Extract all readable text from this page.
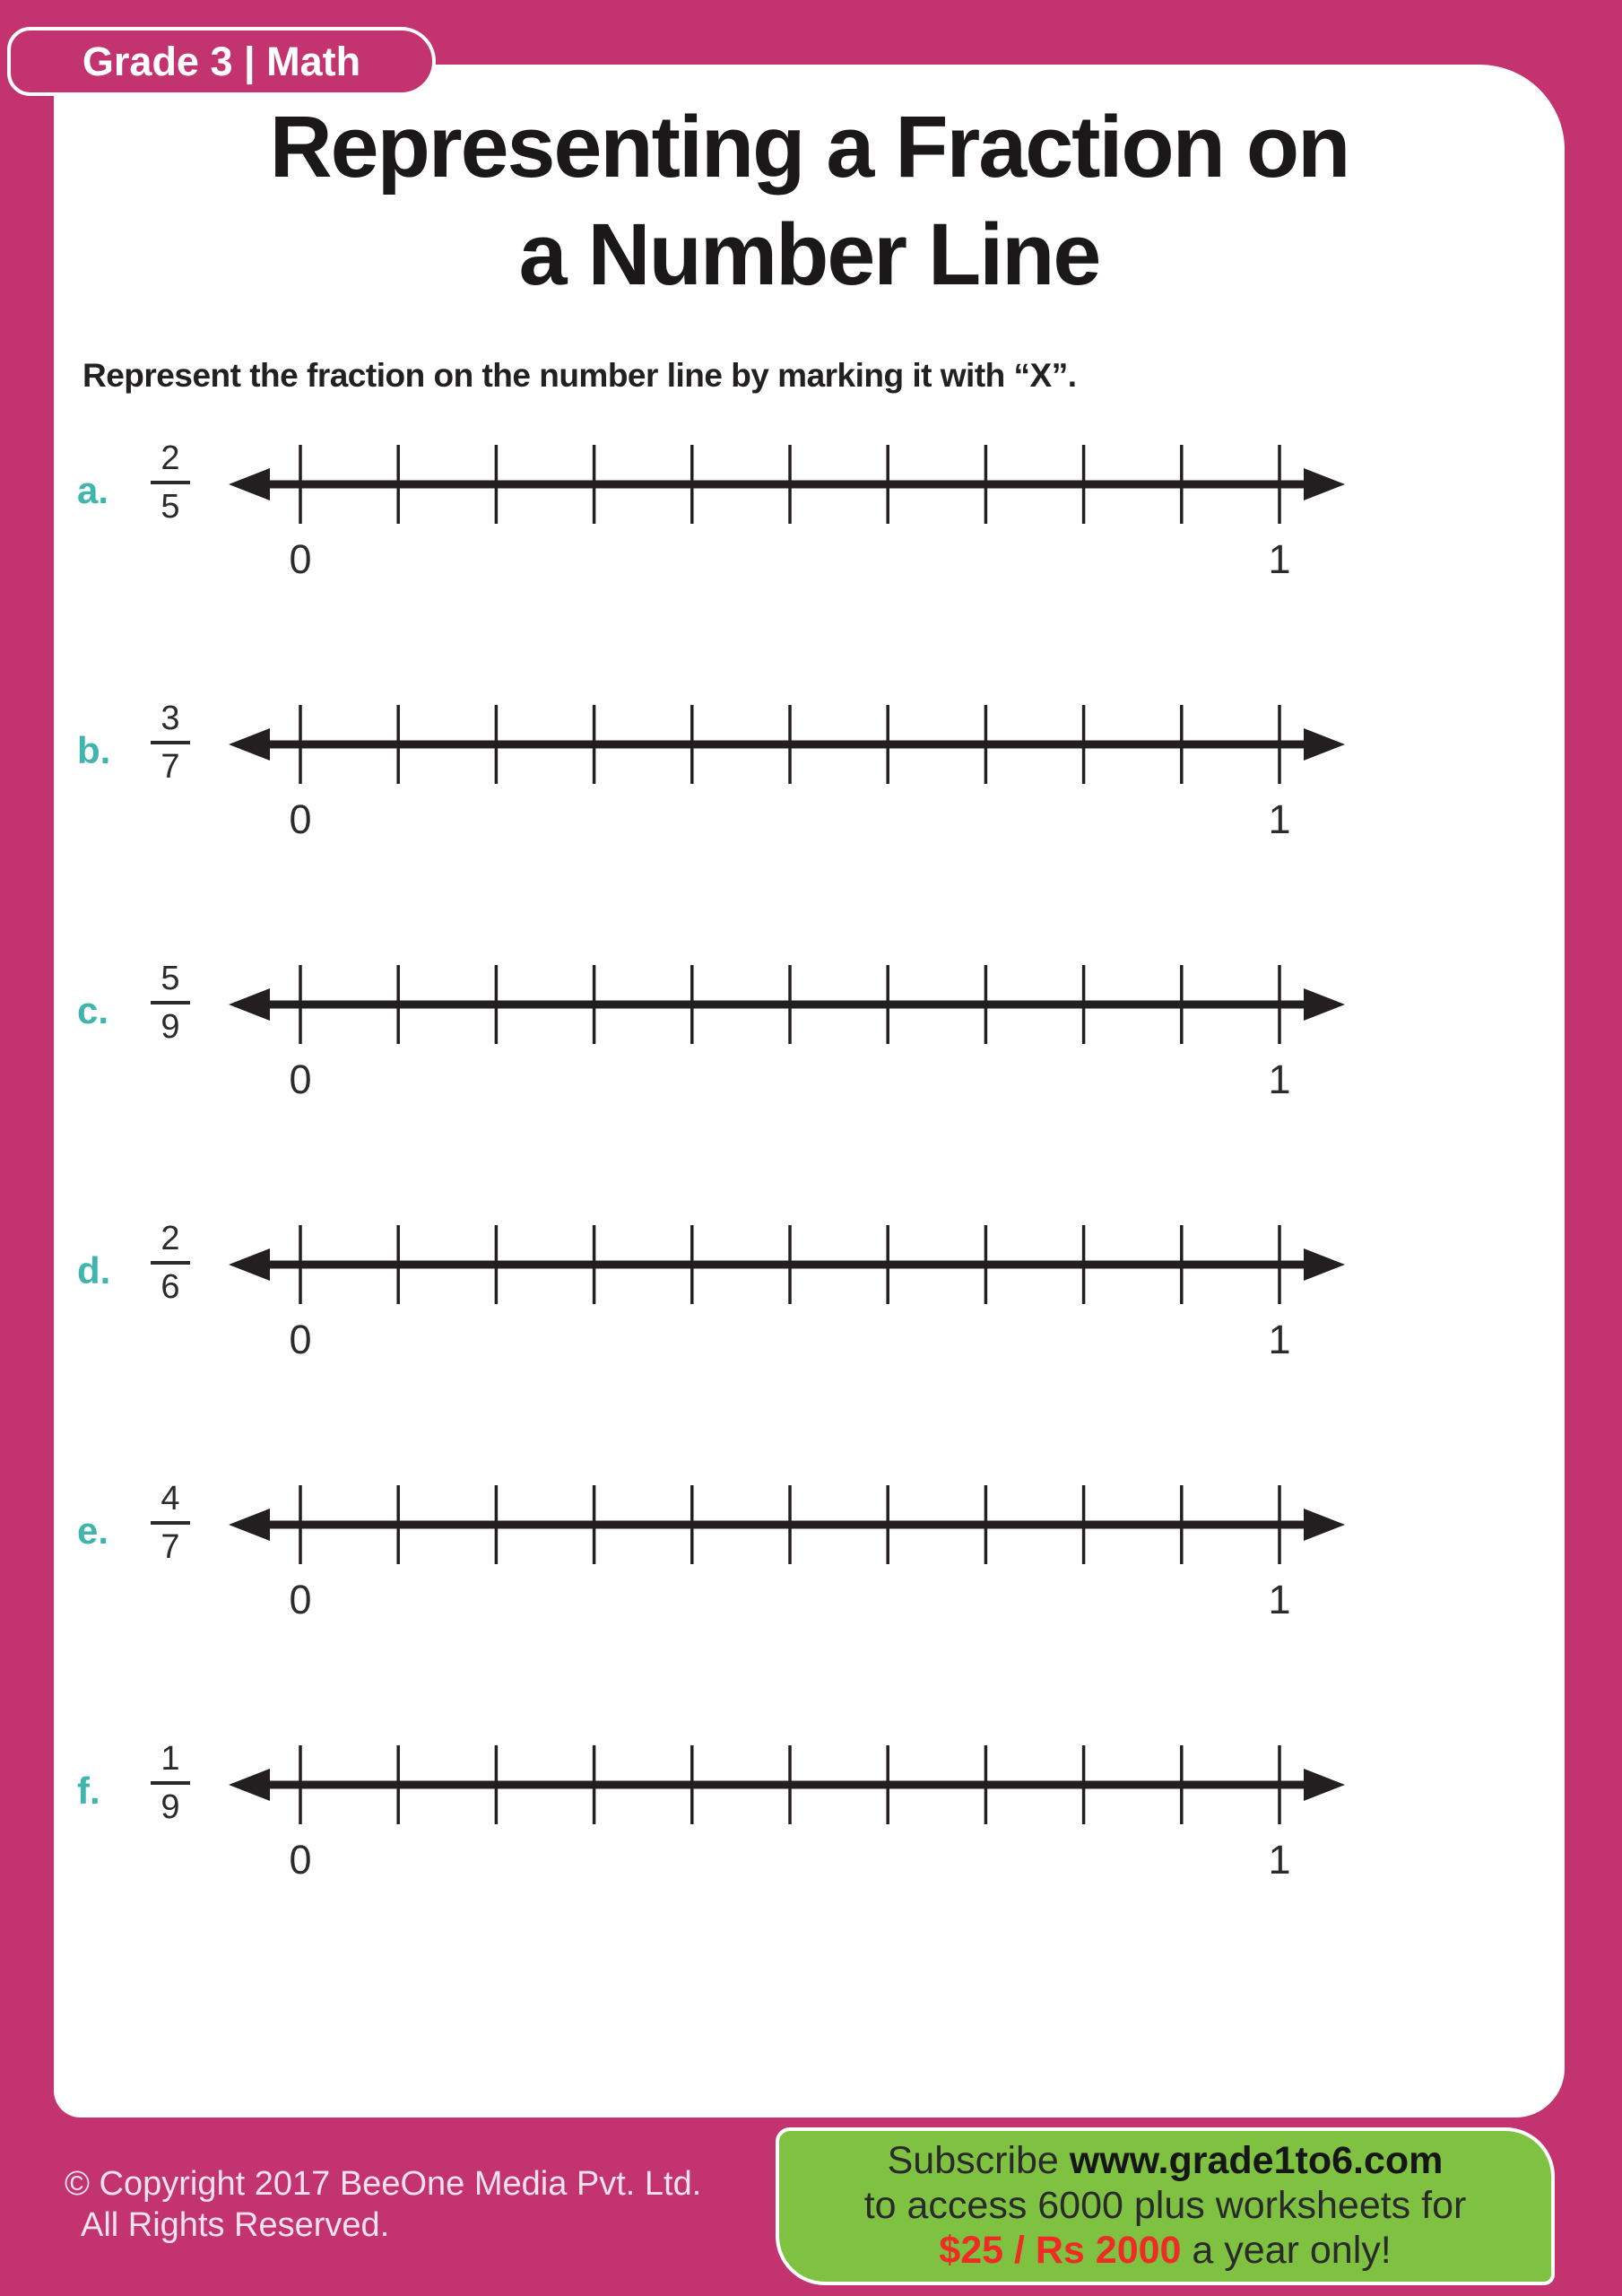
Grade 3 | Math
Representing a Fraction on
a Number Line
Represent the fraction on the number line by marking it with “X”.
a.
2
5
0	1
b.
3
7
0	1
c.
5
9
0	1
d.
2
6
0	1
e.
4
7
0	1
f.
1
9
0	1
© Copyright 2017 BeeOne Media Pvt. Ltd.
All Rights Reserved.
Subscribe www.grade1to6.com
to access 6000 plus worksheets for
$25 / Rs 2000 a year only!
